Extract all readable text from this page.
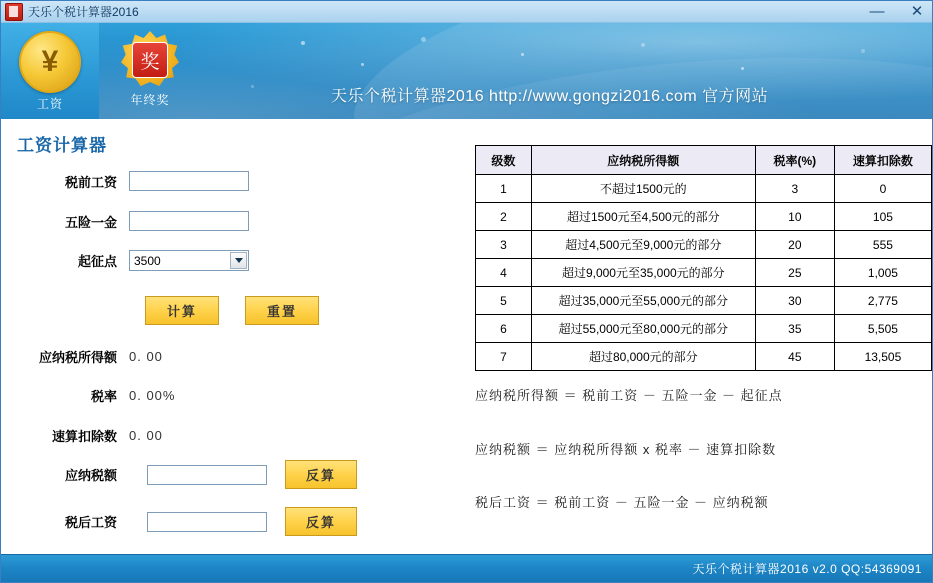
天乐个税计算器2016	—	✕
¥
工资
奖
年终奖	天乐个税计算器2016 http://www.gongzi2016.com 官方网站
工资计算器
税前工资
五险一金
起征点	3500
计算	重置
应纳税所得额 0. 00
税率 0. 00%
速算扣除数 0. 00
应纳税额	反算
税后工资	反算
级数	应纳税所得额	税率(%)	速算扣除数
1	不超过1500元的	3	0
2	超过1500元至4,500元的部分	10	105
3	超过4,500元至9,000元的部分	20	555
4	超过9,000元至35,000元的部分	25	1,005
5	超过35,000元至55,000元的部分	30	2,775
6	超过55,000元至80,000元的部分	35	5,505
7	超过80,000元的部分	45	13,505
应纳税所得额 ＝ 税前工资 － 五险一金 － 起征点
应纳税额 ＝ 应纳税所得额 x 税率 － 速算扣除数
税后工资 ＝ 税前工资 － 五险一金 － 应纳税额
天乐个税计算器2016 v2.0 QQ:54369091
